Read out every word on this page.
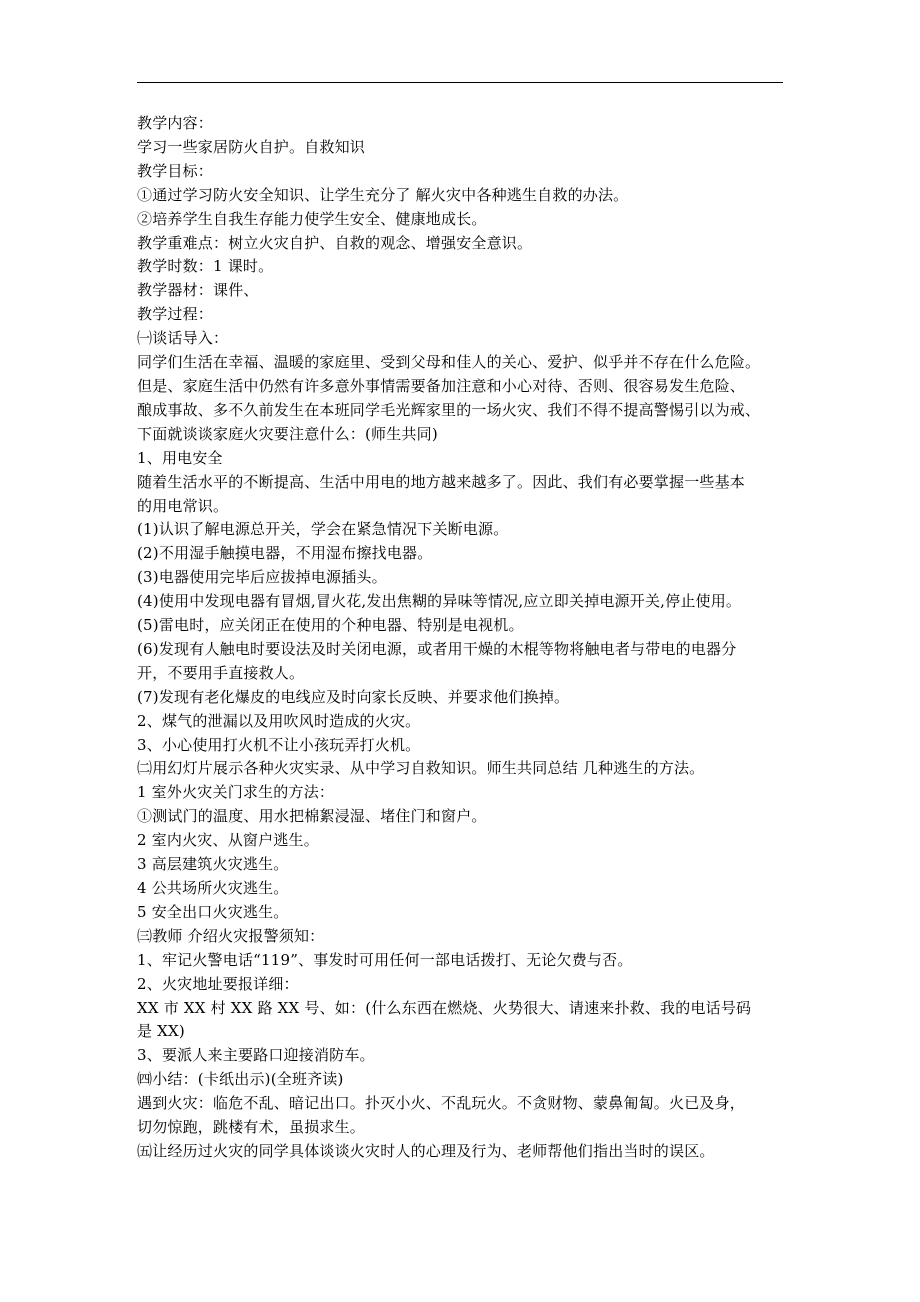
教学内容：
学习一些家居防火自护。自救知识
教学目标：
①通过学习防火安全知识、让学生充分了 解火灾中各种逃生自救的办法。
②培养学生自我生存能力使学生安全、健康地成长。
教学重难点：树立火灾自护、自救的观念、增强安全意识。
教学时数：1 课时。
教学器材：课件、
教学过程：
㈠谈话导入：
同学们生活在幸福、温暖的家庭里、受到父母和佳人的关心、爱护、似乎并不存在什么危险。
但是、家庭生活中仍然有许多意外事情需要备加注意和小心对待、否则、很容易发生危险、
酿成事故、多不久前发生在本班同学毛光辉家里的一场火灾、我们不得不提高警惕引以为戒、
下面就谈谈家庭火灾要注意什么：(师生共同)
1、用电安全
随着生活水平的不断提高、生活中用电的地方越来越多了。因此、我们有必要掌握一些基本
的用电常识。
(1)认识了解电源总开关，学会在紧急情况下关断电源。
(2)不用湿手触摸电器，不用湿布擦找电器。
(3)电器使用完毕后应拔掉电源插头。
(4)使用中发现电器有冒烟,冒火花,发出焦糊的异味等情况,应立即关掉电源开关,停止使用。
(5)雷电时，应关闭正在使用的个种电器、特别是电视机。
(6)发现有人触电时要设法及时关闭电源，或者用干燥的木棍等物将触电者与带电的电器分
开，不要用手直接救人。
(7)发现有老化爆皮的电线应及时向家长反映、并要求他们换掉。
2、煤气的泄漏以及用吹风时造成的火灾。
3、小心使用打火机不让小孩玩弄打火机。
㈡用幻灯片展示各种火灾实录、从中学习自救知识。师生共同总结 几种逃生的方法。
1 室外火灾关门求生的方法：
①测试门的温度、用水把棉絮浸湿、堵住门和窗户。
2 室内火灾、从窗户逃生。
3 高层建筑火灾逃生。
4 公共场所火灾逃生。
5 安全出口火灾逃生。
㈢教师 介绍火灾报警须知：
1、牢记火警电话“119”、事发时可用任何一部电话拨打、无论欠费与否。
2、火灾地址要报详细：
XX 市 XX 村 XX 路 XX 号、如：(什么东西在燃烧、火势很大、请速来扑救、我的电话号码
是 XX)
3、要派人来主要路口迎接消防车。
㈣小结：(卡纸出示)(全班齐读)
遇到火灾：临危不乱、暗记出口。扑灭小火、不乱玩火。不贪财物、蒙鼻匍匐。火已及身，
切勿惊跑，跳楼有术，虽损求生。
㈤让经历过火灾的同学具体谈谈火灾时人的心理及行为、老师帮他们指出当时的误区。
